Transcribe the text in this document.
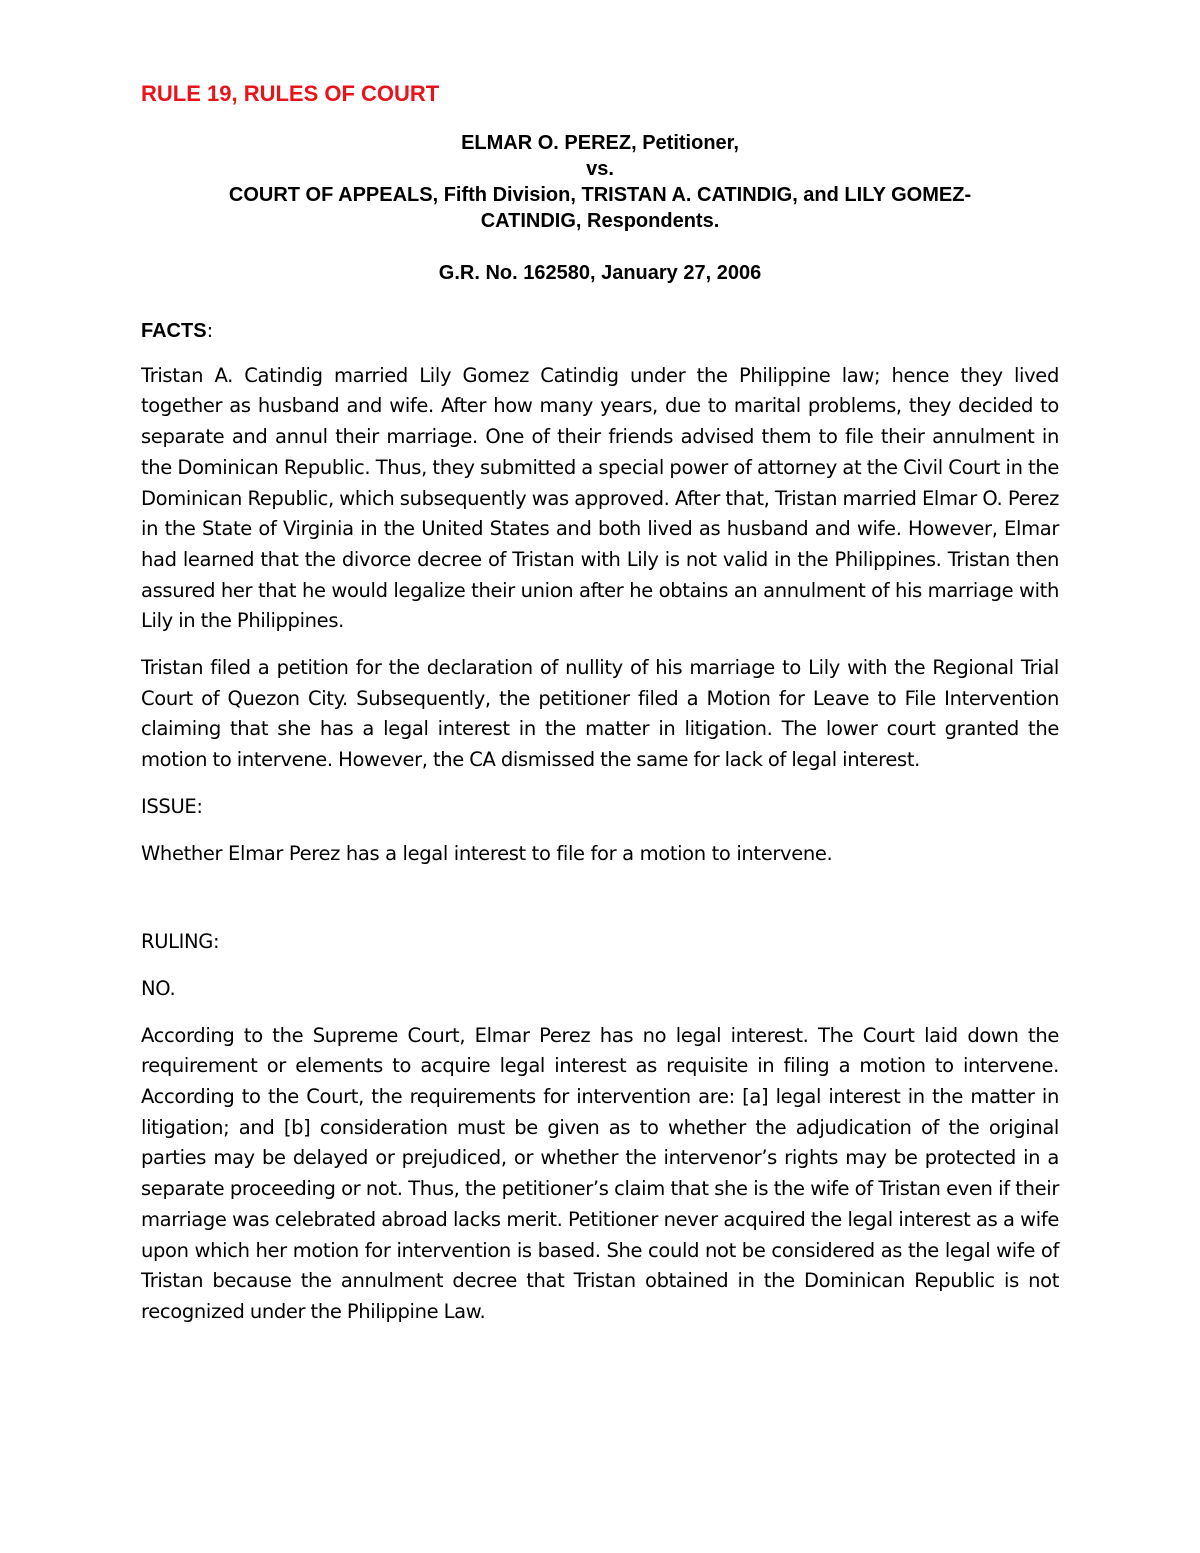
RULE 19, RULES OF COURT

ELMAR O. PEREZ, Petitioner,

vs.

COURT OF APPEALS, Fifth Division, TRISTAN A. CATINDIG, and LILY GOMEZ-

CATINDIG, Respondents.

G.R. No. 162580, January 27, 2006

FACTS:

Tristan A. Catindig married Lily Gomez Catindig under the Philippine law; hence they lived together as husband and wife. After how many years, due to marital problems, they decided to separate and annul their marriage. One of their friends advised them to file their annulment in the Dominican Republic. Thus, they submitted a special power of attorney at the Civil Court in the Dominican Republic, which subsequently was approved. After that, Tristan married Elmar O. Perez in the State of Virginia in the United States and both lived as husband and wife. However, Elmar had learned that the divorce decree of Tristan with Lily is not valid in the Philippines. Tristan then assured her that he would legalize their union after he obtains an annulment of his marriage with Lily in the Philippines.

Tristan filed a petition for the declaration of nullity of his marriage to Lily with the Regional Trial Court of Quezon City. Subsequently, the petitioner filed a Motion for Leave to File Intervention claiming that she has a legal interest in the matter in litigation. The lower court granted the motion to intervene. However, the CA dismissed the same for lack of legal interest.

ISSUE:

Whether Elmar Perez has a legal interest to file for a motion to intervene.

RULING:

NO.

According to the Supreme Court, Elmar Perez has no legal interest. The Court laid down the requirement or elements to acquire legal interest as requisite in filing a motion to intervene. According to the Court, the requirements for intervention are: [a] legal interest in the matter in litigation; and [b] consideration must be given as to whether the adjudication of the original parties may be delayed or prejudiced, or whether the intervenor’s rights may be protected in a separate proceeding or not. Thus, the petitioner’s claim that she is the wife of Tristan even if their marriage was celebrated abroad lacks merit. Petitioner never acquired the legal interest as a wife upon which her motion for intervention is based. She could not be considered as the legal wife of Tristan because the annulment decree that Tristan obtained in the Dominican Republic is not recognized under the Philippine Law.
